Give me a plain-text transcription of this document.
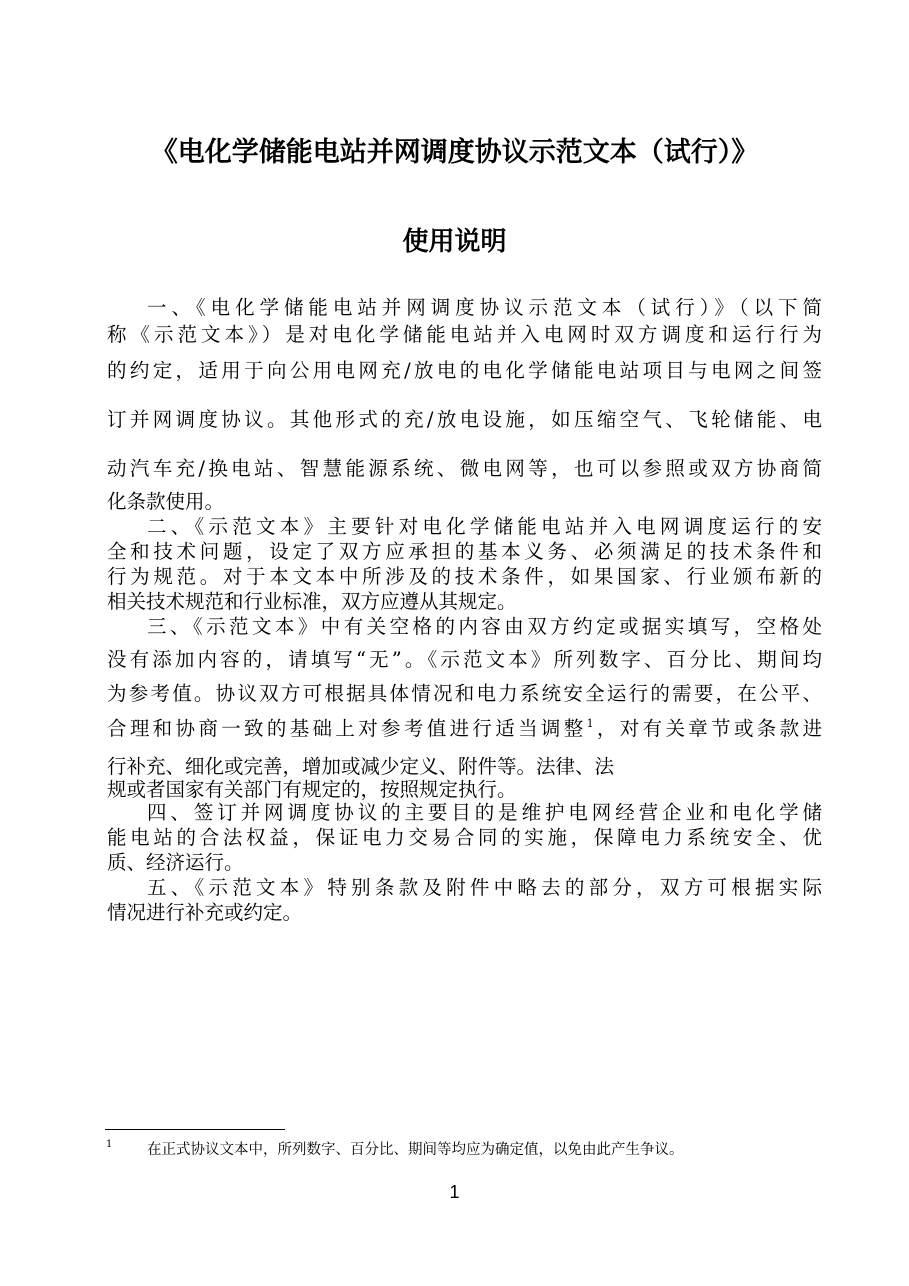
《电化学储能电站并网调度协议示范文本（试行）》
使用说明
一、《电化学储能电站并网调度协议示范文本（试行）》（以下简
称《示范文本》）是对电化学储能电站并入电网时双方调度和运行行为
的约定，适用于向公用电网充/放电的电化学储能电站项目与电网之间签
订并网调度协议。其他形式的充/放电设施，如压缩空气、飞轮储能、电
动汽车充/换电站、智慧能源系统、微电网等，也可以参照或双方协商简
化条款使用。
二、《示范文本》主要针对电化学储能电站并入电网调度运行的安
全和技术问题，设定了双方应承担的基本义务、必须满足的技术条件和
行为规范。对于本文本中所涉及的技术条件，如果国家、行业颁布新的
相关技术规范和行业标准，双方应遵从其规定。
三、《示范文本》中有关空格的内容由双方约定或据实填写，空格处
没有添加内容的，请填写“无”。《示范文本》所列数字、百分比、期间均
为参考值。协议双方可根据具体情况和电力系统安全运行的需要，在公平、
合理和协商一致的基础上对参考值进行适当调整$^1$，对有关章节或条款进
行补充、细化或完善，增加或减少定义、附件等。法律、法
规或者国家有关部门有规定的，按照规定执行。
四、签订并网调度协议的主要目的是维护电网经营企业和电化学储
能电站的合法权益，保证电力交易合同的实施，保障电力系统安全、优
质、经济运行。
五、《示范文本》特别条款及附件中略去的部分，双方可根据实际
情况进行补充或约定。
1 在正式协议文本中，所列数字、百分比、期间等均应为确定值，以免由此产生争议。
1
